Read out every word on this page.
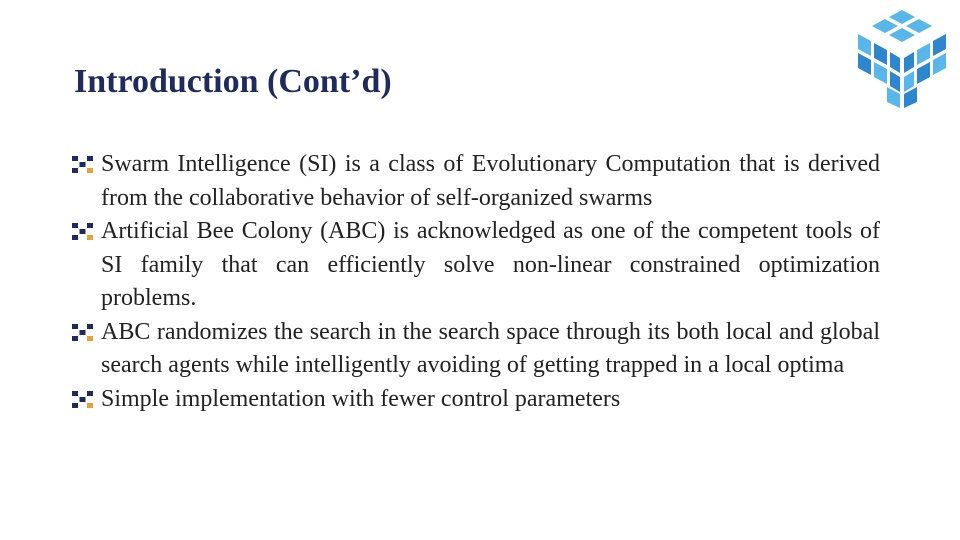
Introduction (Cont’d)
Swarm Intelligence (SI) is a class of Evolutionary Computation that is derived from the collaborative behavior of self-organized swarms
Artificial Bee Colony (ABC) is acknowledged as one of the competent tools of SI family that can efficiently solve non-linear constrained optimization problems.
ABC randomizes the search in the search space through its both local and global search agents while intelligently avoiding of getting trapped in a local optima
Simple implementation with fewer control parameters
